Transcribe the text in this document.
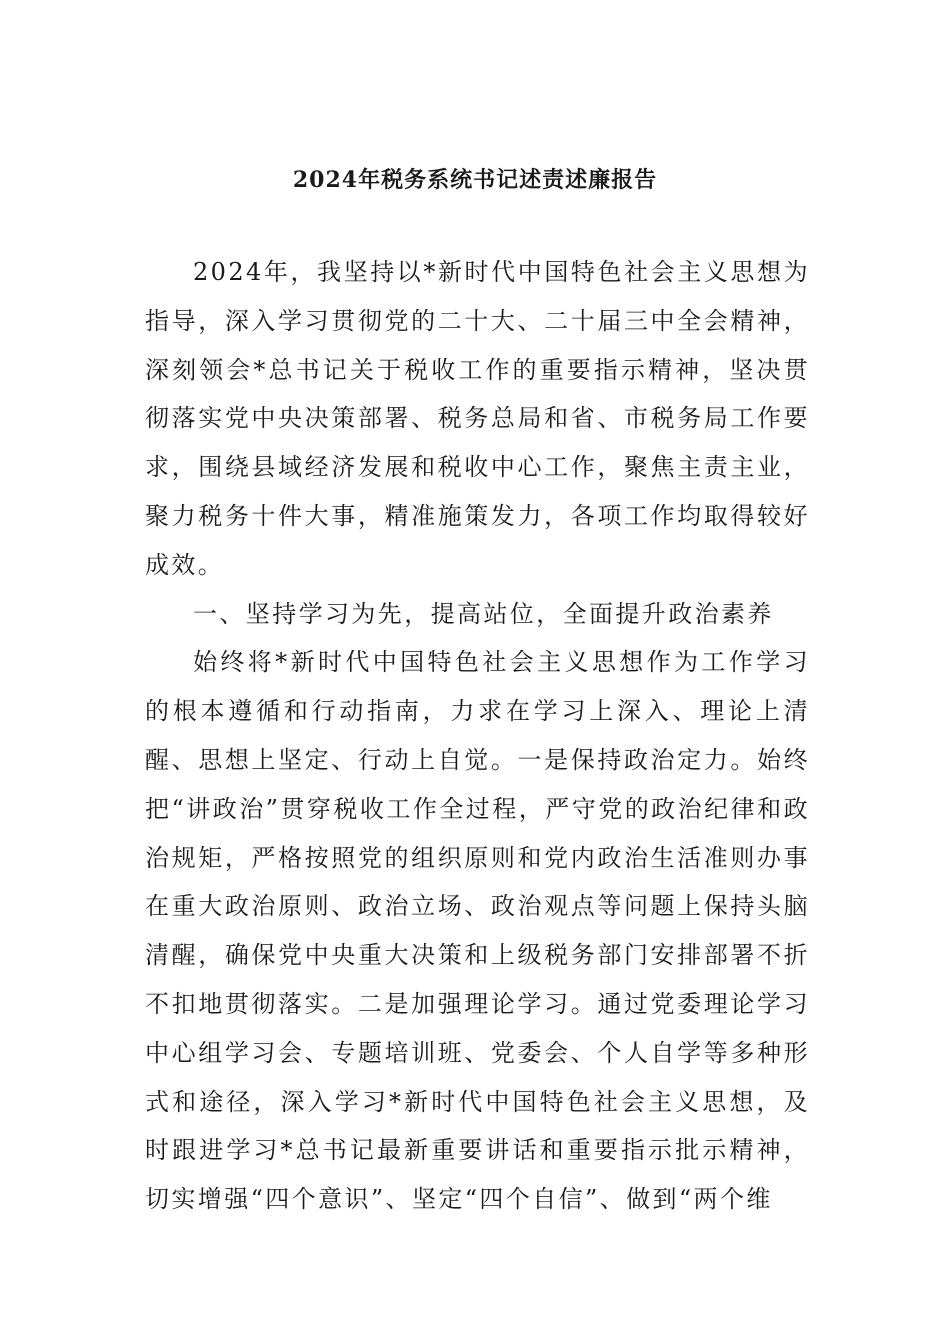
2024年税务系统书记述责述廉报告

2024年，我坚持以*新时代中国特色社会主义思想为指导，深入学习贯彻党的二十大、二十届三中全会精神，深刻领会*总书记关于税收工作的重要指示精神，坚决贯彻落实党中央决策部署、税务总局和省、市税务局工作要求，围绕县域经济发展和税收中心工作，聚焦主责主业，聚力税务十件大事，精准施策发力，各项工作均取得较好成效。

一、坚持学习为先，提高站位，全面提升政治素养

始终将*新时代中国特色社会主义思想作为工作学习的根本遵循和行动指南，力求在学习上深入、理论上清醒、思想上坚定、行动上自觉。一是保持政治定力。始终把“讲政治”贯穿税收工作全过程，严守党的政治纪律和政治规矩，严格按照党的组织原则和党内政治生活准则办事在重大政治原则、政治立场、政治观点等问题上保持头脑清醒，确保党中央重大决策和上级税务部门安排部署不折不扣地贯彻落实。二是加强理论学习。通过党委理论学习中心组学习会、专题培训班、党委会、个人自学等多种形式和途径，深入学习*新时代中国特色社会主义思想，及时跟进学习*总书记最新重要讲话和重要指示批示精神，切实增强“四个意识”、坚定“四个自信”、做到“两个维
